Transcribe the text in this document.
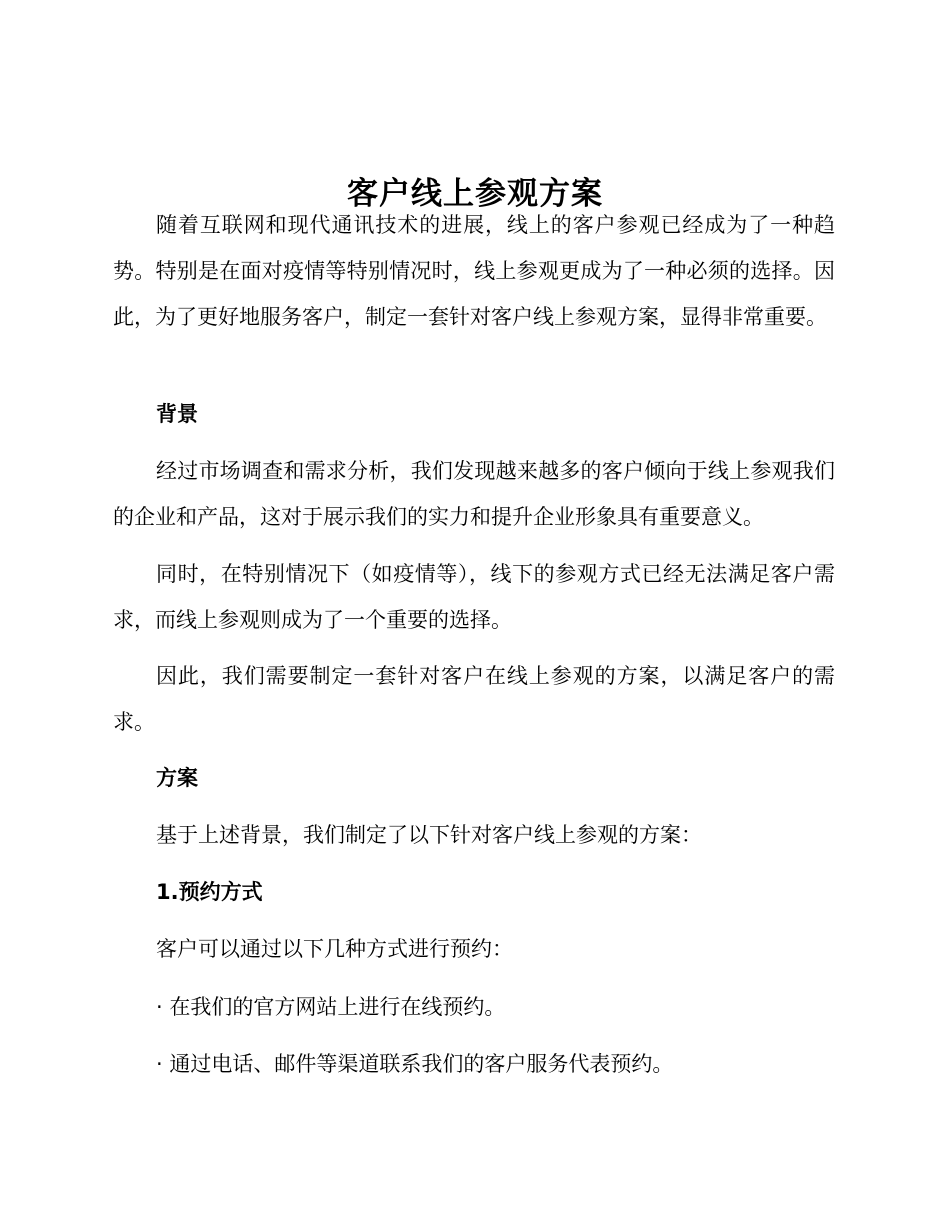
客户线上参观方案

随着互联网和现代通讯技术的进展，线上的客户参观已经成为了一种趋势。特别是在面对疫情等特别情况时，线上参观更成为了一种必须的选择。因此，为了更好地服务客户，制定一套针对客户线上参观方案，显得非常重要。

背景

经过市场调查和需求分析，我们发现越来越多的客户倾向于线上参观我们的企业和产品，这对于展示我们的实力和提升企业形象具有重要意义。

同时，在特别情况下（如疫情等），线下的参观方式已经无法满足客户需求，而线上参观则成为了一个重要的选择。

因此，我们需要制定一套针对客户在线上参观的方案，以满足客户的需求。

方案

基于上述背景，我们制定了以下针对客户线上参观的方案：

1.预约方式

客户可以通过以下几种方式进行预约：

· 在我们的官方网站上进行在线预约。

· 通过电话、邮件等渠道联系我们的客户服务代表预约。
